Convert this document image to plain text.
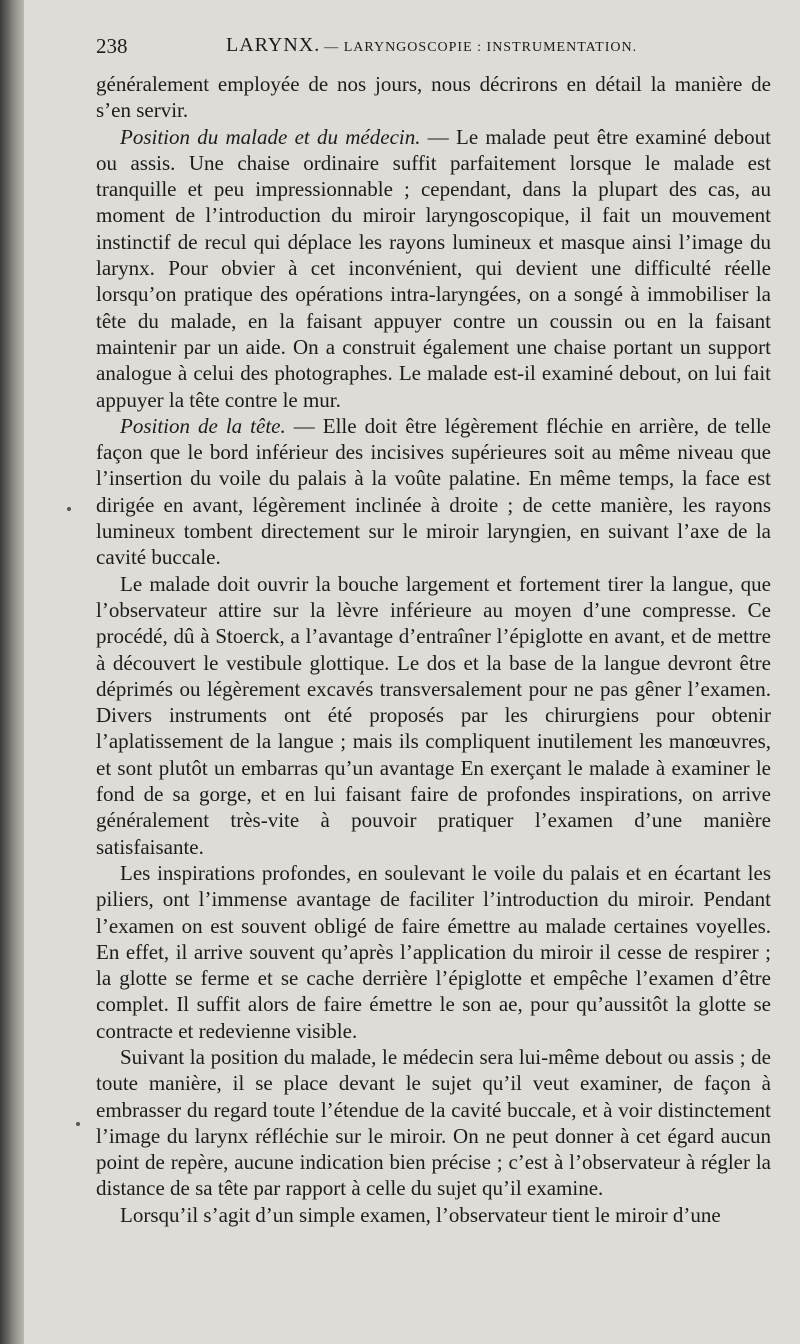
238	LARYNX. — LARYNGOSCOPIE : INSTRUMENTATION.

généralement employée de nos jours, nous décrirons en détail la manière de s’en servir.

Position du malade et du médecin. — Le malade peut être examiné debout ou assis. Une chaise ordinaire suffit parfaitement lorsque le malade est tranquille et peu impressionnable ; cependant, dans la plupart des cas, au moment de l’introduction du miroir laryngoscopique, il fait un mouvement instinctif de recul qui déplace les rayons lumineux et masque ainsi l’image du larynx. Pour obvier à cet inconvénient, qui devient une difficulté réelle lorsqu’on pratique des opérations intra-laryngées, on a songé à immobiliser la tête du malade, en la faisant appuyer contre un coussin ou en la faisant maintenir par un aide. On a construit également une chaise portant un support analogue à celui des photographes. Le malade est-il examiné debout, on lui fait appuyer la tête contre le mur.

Position de la tête. — Elle doit être légèrement fléchie en arrière, de telle façon que le bord inférieur des incisives supérieures soit au même niveau que l’insertion du voile du palais à la voûte palatine. En même temps, la face est dirigée en avant, légèrement inclinée à droite ; de cette manière, les rayons lumineux tombent directement sur le miroir laryngien, en suivant l’axe de la cavité buccale.

Le malade doit ouvrir la bouche largement et fortement tirer la langue, que l’observateur attire sur la lèvre inférieure au moyen d’une compresse. Ce procédé, dû à Stoerck, a l’avantage d’entraîner l’épiglotte en avant, et de mettre à découvert le vestibule glottique. Le dos et la base de la langue devront être déprimés ou légèrement excavés transversalement pour ne pas gêner l’examen. Divers instruments ont été proposés par les chirurgiens pour obtenir l’aplatissement de la langue ; mais ils compliquent inutilement les manœuvres, et sont plutôt un embarras qu’un avantage En exerçant le malade à examiner le fond de sa gorge, et en lui faisant faire de profondes inspirations, on arrive généralement très-vite à pouvoir pratiquer l’examen d’une manière satisfaisante.

Les inspirations profondes, en soulevant le voile du palais et en écartant les piliers, ont l’immense avantage de faciliter l’introduction du miroir. Pendant l’examen on est souvent obligé de faire émettre au malade certaines voyelles. En effet, il arrive souvent qu’après l’application du miroir il cesse de respirer ; la glotte se ferme et se cache derrière l’épiglotte et empêche l’examen d’être complet. Il suffit alors de faire émettre le son ae, pour qu’aussitôt la glotte se contracte et redevienne visible.

Suivant la position du malade, le médecin sera lui-même debout ou assis ; de toute manière, il se place devant le sujet qu’il veut examiner, de façon à embrasser du regard toute l’étendue de la cavité buccale, et à voir distinctement l’image du larynx réfléchie sur le miroir. On ne peut donner à cet égard aucun point de repère, aucune indication bien précise ; c’est à l’observateur à régler la distance de sa tête par rapport à celle du sujet qu’il examine.

Lorsqu’il s’agit d’un simple examen, l’observateur tient le miroir d’une
